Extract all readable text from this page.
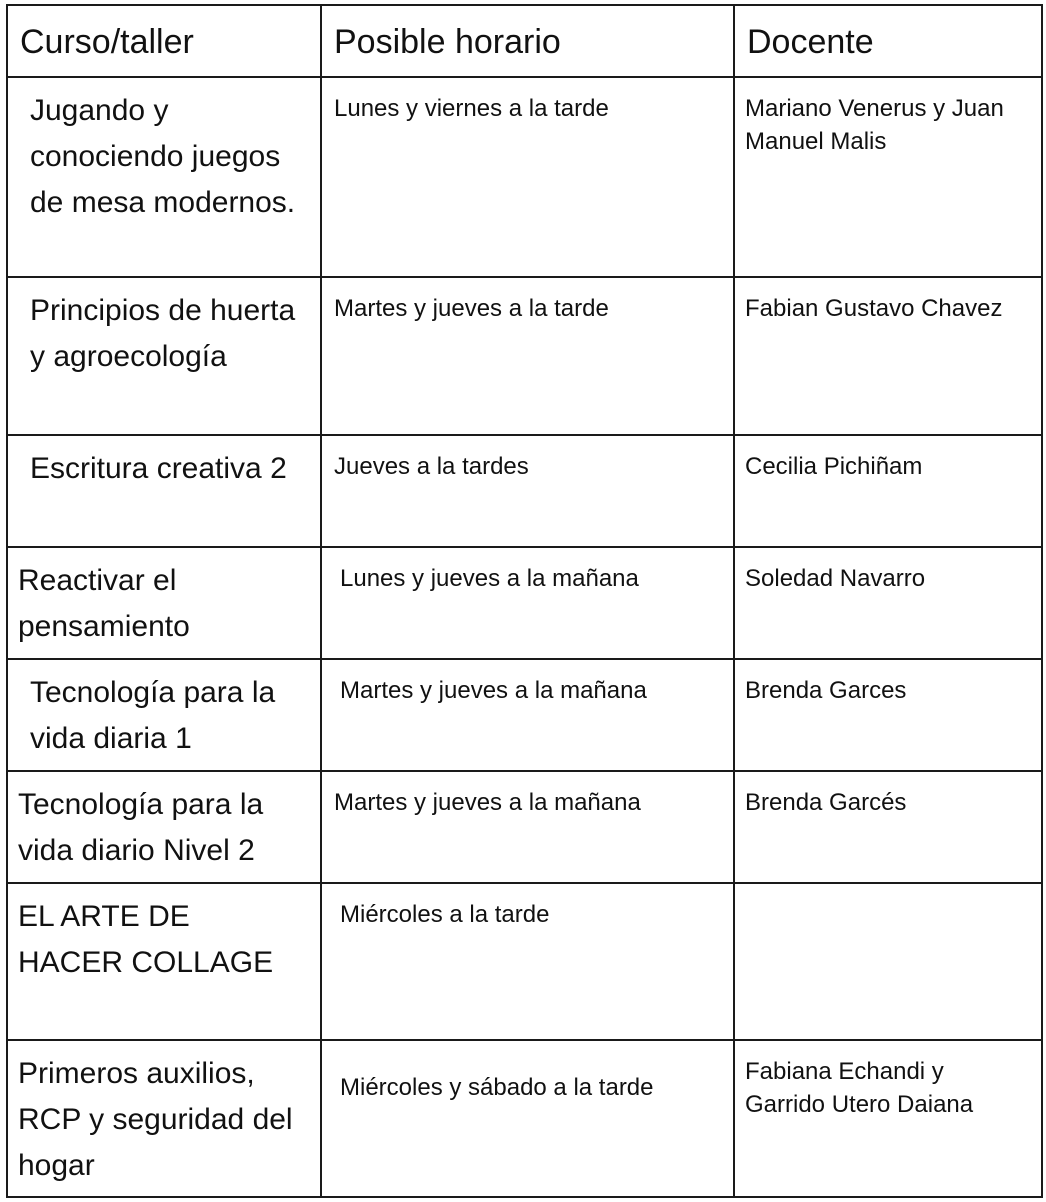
Curso/taller	Posible horario	Docente
Jugando y conociendo juegos de mesa modernos.	Lunes y viernes a la tarde	Mariano Venerus y Juan Manuel Malis
Principios de huerta y agroecología	Martes y jueves a la tarde	Fabian Gustavo Chavez
Escritura creativa 2	Jueves a la tardes	Cecilia Pichiñam
Reactivar el pensamiento	Lunes y jueves a la mañana	Soledad Navarro
Tecnología para la vida diaria 1	Martes y jueves a la mañana	Brenda Garces
Tecnología para la vida diario Nivel 2	Martes y jueves a la mañana	Brenda Garcés
EL ARTE DE HACER COLLAGE	Miércoles a la tarde	
Primeros auxilios, RCP y seguridad del hogar	Miércoles y sábado a la tarde	Fabiana Echandi y Garrido Utero Daiana
